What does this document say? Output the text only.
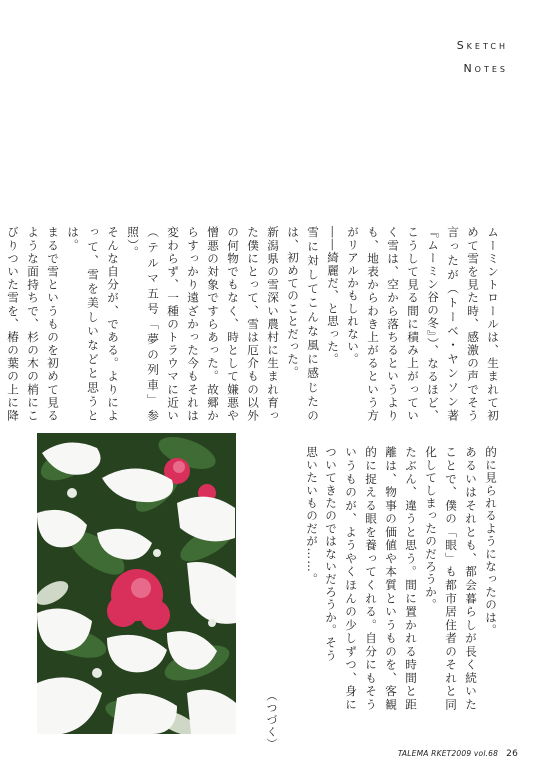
Sketch
Notes

ムーミントロールは、生まれて初めて雪を見た時、感激の声でそう言ったが（トーベ・ヤンソン著『ムーミン谷の冬』）、なるほど、こうして見る間に積み上がっていく雪は、空から落ちるというよりも、地表からわき上がるという方がリアルかもしれない。

――綺麗だ、と思った。

雪に対してこんな風に感じたのは、初めてのことだった。

新潟県の雪深い農村に生まれ育った僕にとって、雪は厄介もの以外の何物でもなく、時として嫌悪や憎悪の対象ですらあった。故郷からすっかり遠ざかった今もそれは変わらず、一種のトラウマに近い（テルマ五号「夢の列車」参照）。

そんな自分が、である。よりによって、雪を美しいなどと思うとは。

まるで雪というものを初めて見るような面持ちで、杉の木の梢にこびりついた雪を、椿の葉の上に降

的に見られるようになったのは。

あるいはそれとも、都会暮らしが長く続いたことで、僕の「眼」も都市居住者のそれと同化してしまったのだろうか。

たぶん、違うと思う。間に置かれる時間と距離は、物事の価値や本質というものを、客観的に捉える眼を養ってくれる。自分にもそういうものが、ようやくほんの少しずつ、身についてきたのではないだろうか。そう

思いたいものだが……。

（つづく）
TALEMA RKET2009 vol.68 26
